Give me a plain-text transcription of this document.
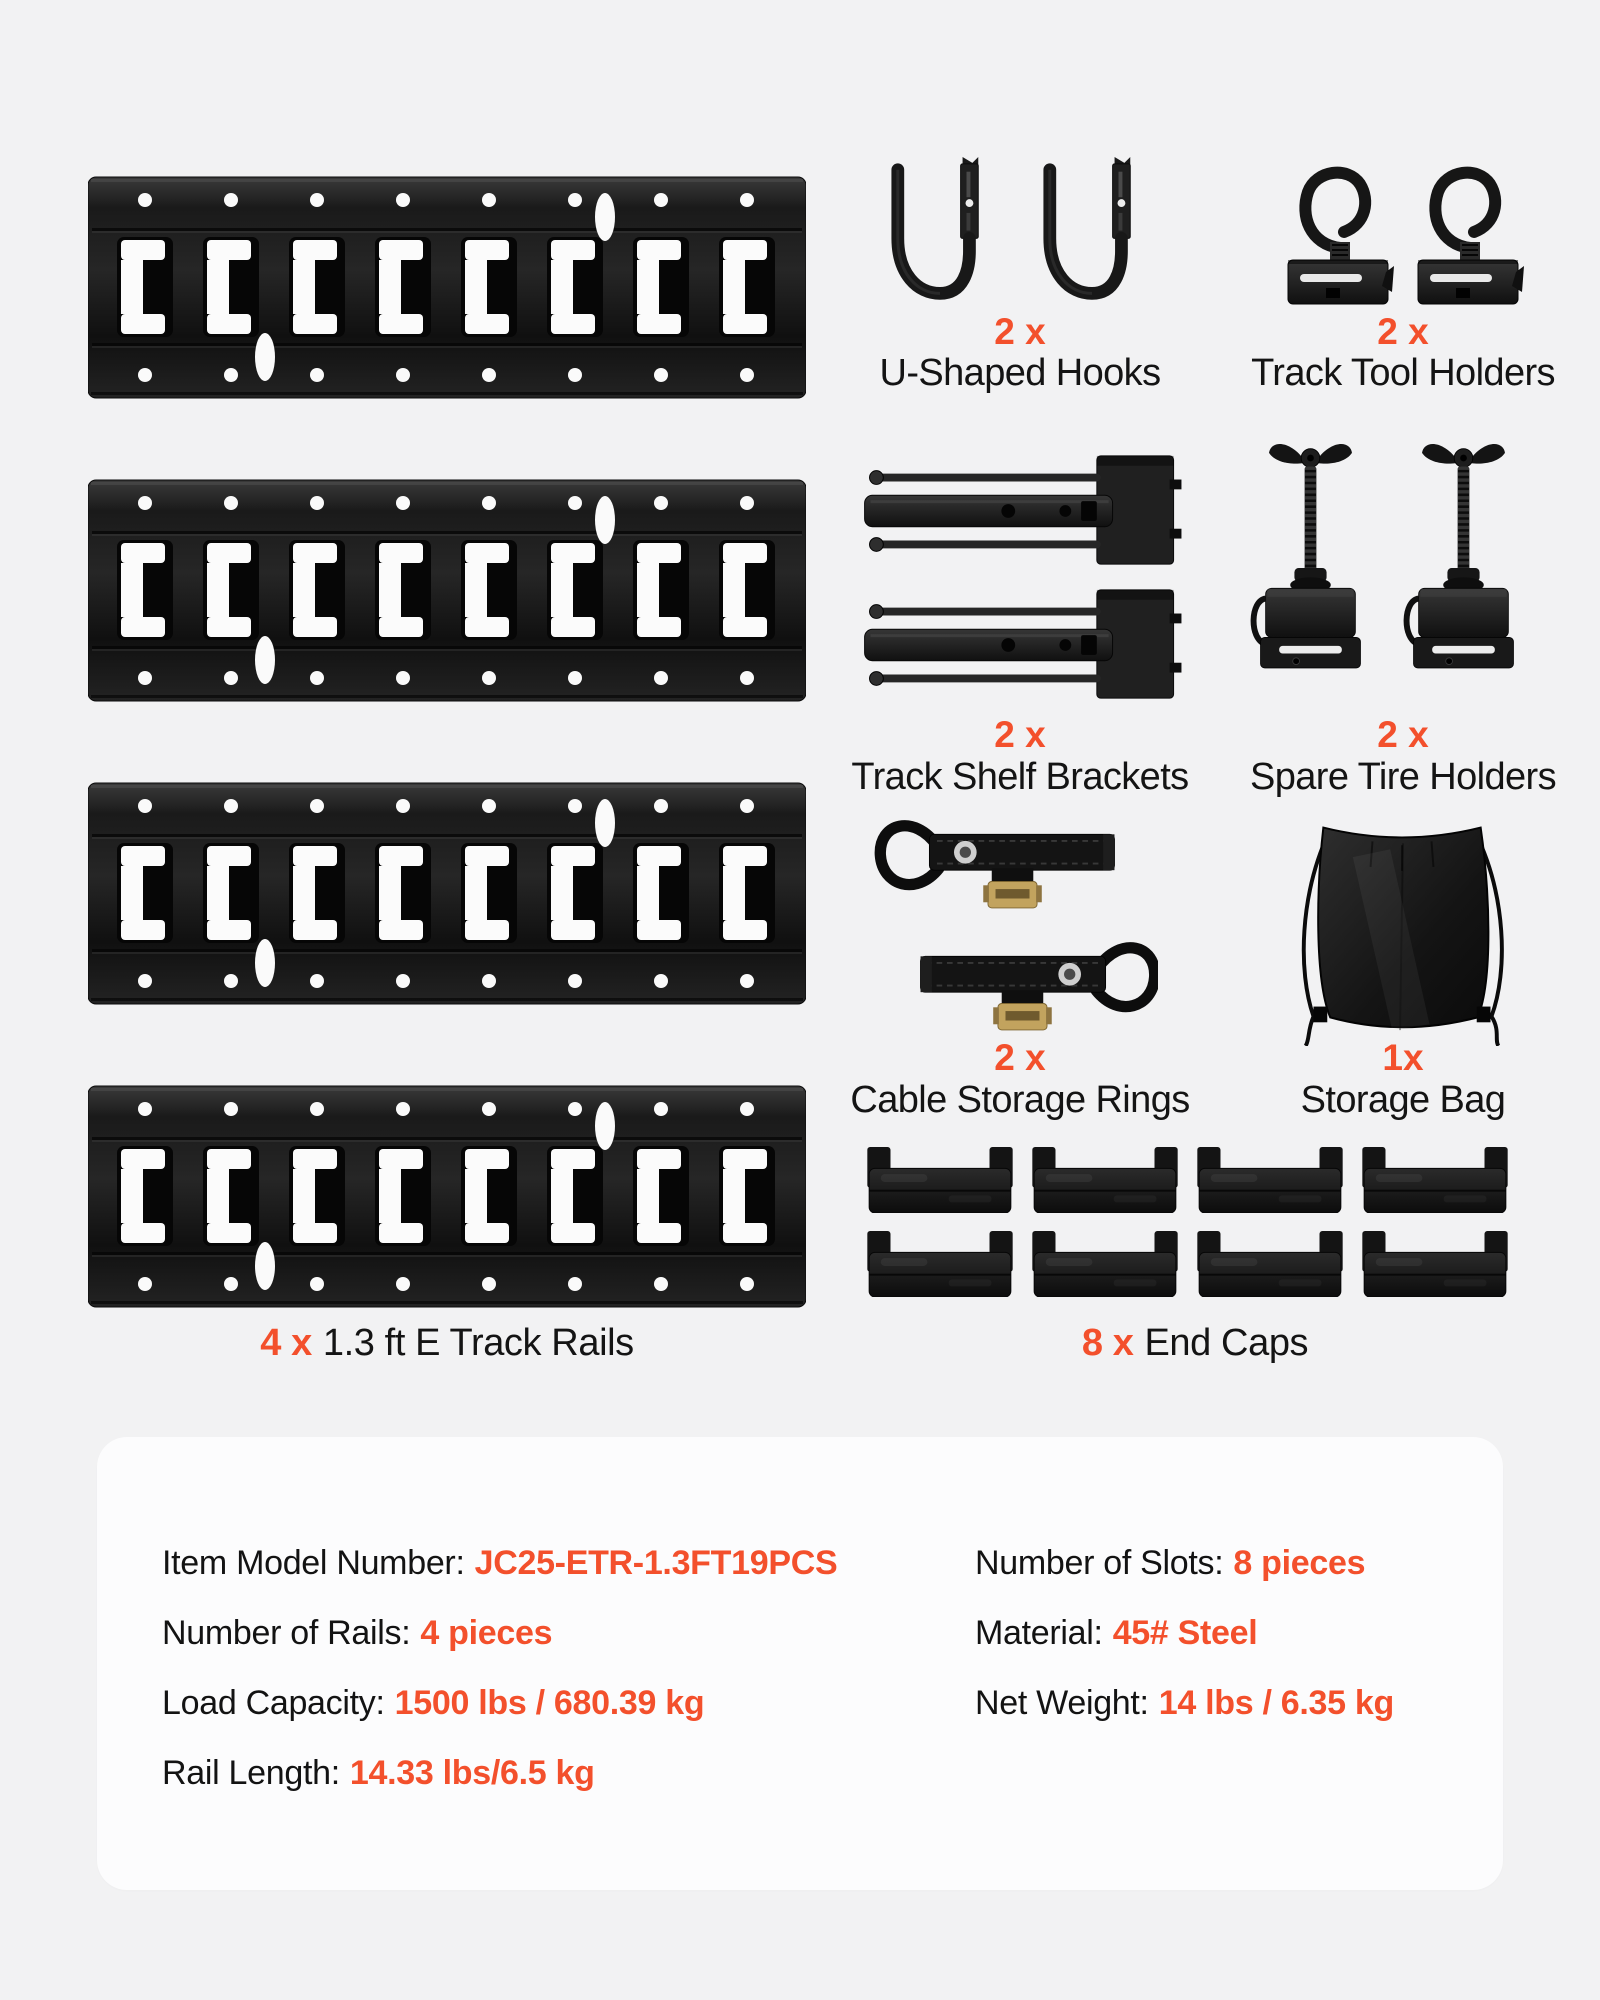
4 x 1.3 ft E Track Rails
2 x
U-Shaped Hooks
2 x
Track Tool Holders
2 x
Track Shelf Brackets
2 x
Spare Tire Holders
2 x
Cable Storage Rings
1x
Storage Bag
8 x End Caps
Item Model Number: JC25-ETR-1.3FT19PCS
Number of Rails: 4 pieces
Load Capacity: 1500 lbs / 680.39 kg
Rail Length: 14.33 lbs/6.5 kg
Number of Slots: 8 pieces
Material: 45# Steel
Net Weight: 14 lbs / 6.35 kg
